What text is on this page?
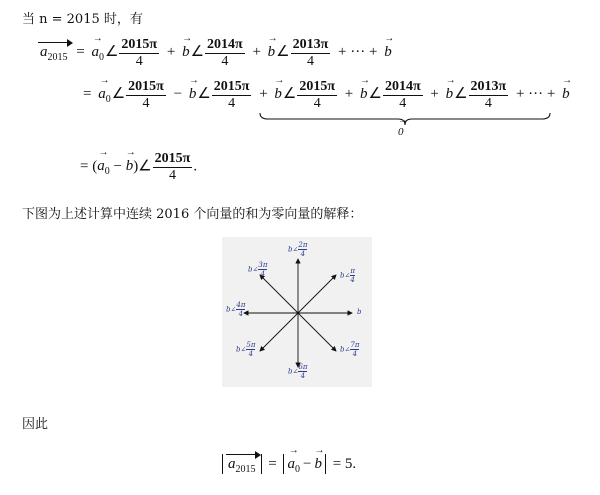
当 n = 2015 时，有
$a_{2015}$ = → $a_0\angle \frac{2015\pi}{4}$ + → b∠ $\frac{2014\pi}{4}$ + → b∠ $\frac{2013\pi}{4}$ + ··· + → b
= → $a_0\angle \frac{2015\pi}{4}$ − → b∠ $\frac{2015\pi}{4}$ + → b∠ $\frac{2015\pi}{4}$ + → b∠ $\frac{2014\pi}{4}$ + → b∠ $\frac{2013\pi}{4}$ + ··· + → b
→ 0
= (→ $a_0$ − → b)∠ $\frac{2015\pi}{4}$ .
下图为上述计算中连续 2016 个向量的和为零向量的解释：
b∠ $\frac{2\pi}{4}$
b∠ $\frac{\pi}{4}$
b
b∠ $\frac{7\pi}{4}$
b∠ $\frac{6\pi}{4}$
b∠ $\frac{5\pi}{4}$
b∠ $\frac{4\pi}{4}$
b∠ $\frac{3\pi}{4}$
因此
$a_{2015}$ = → $a_0 -\to b = 5$.
